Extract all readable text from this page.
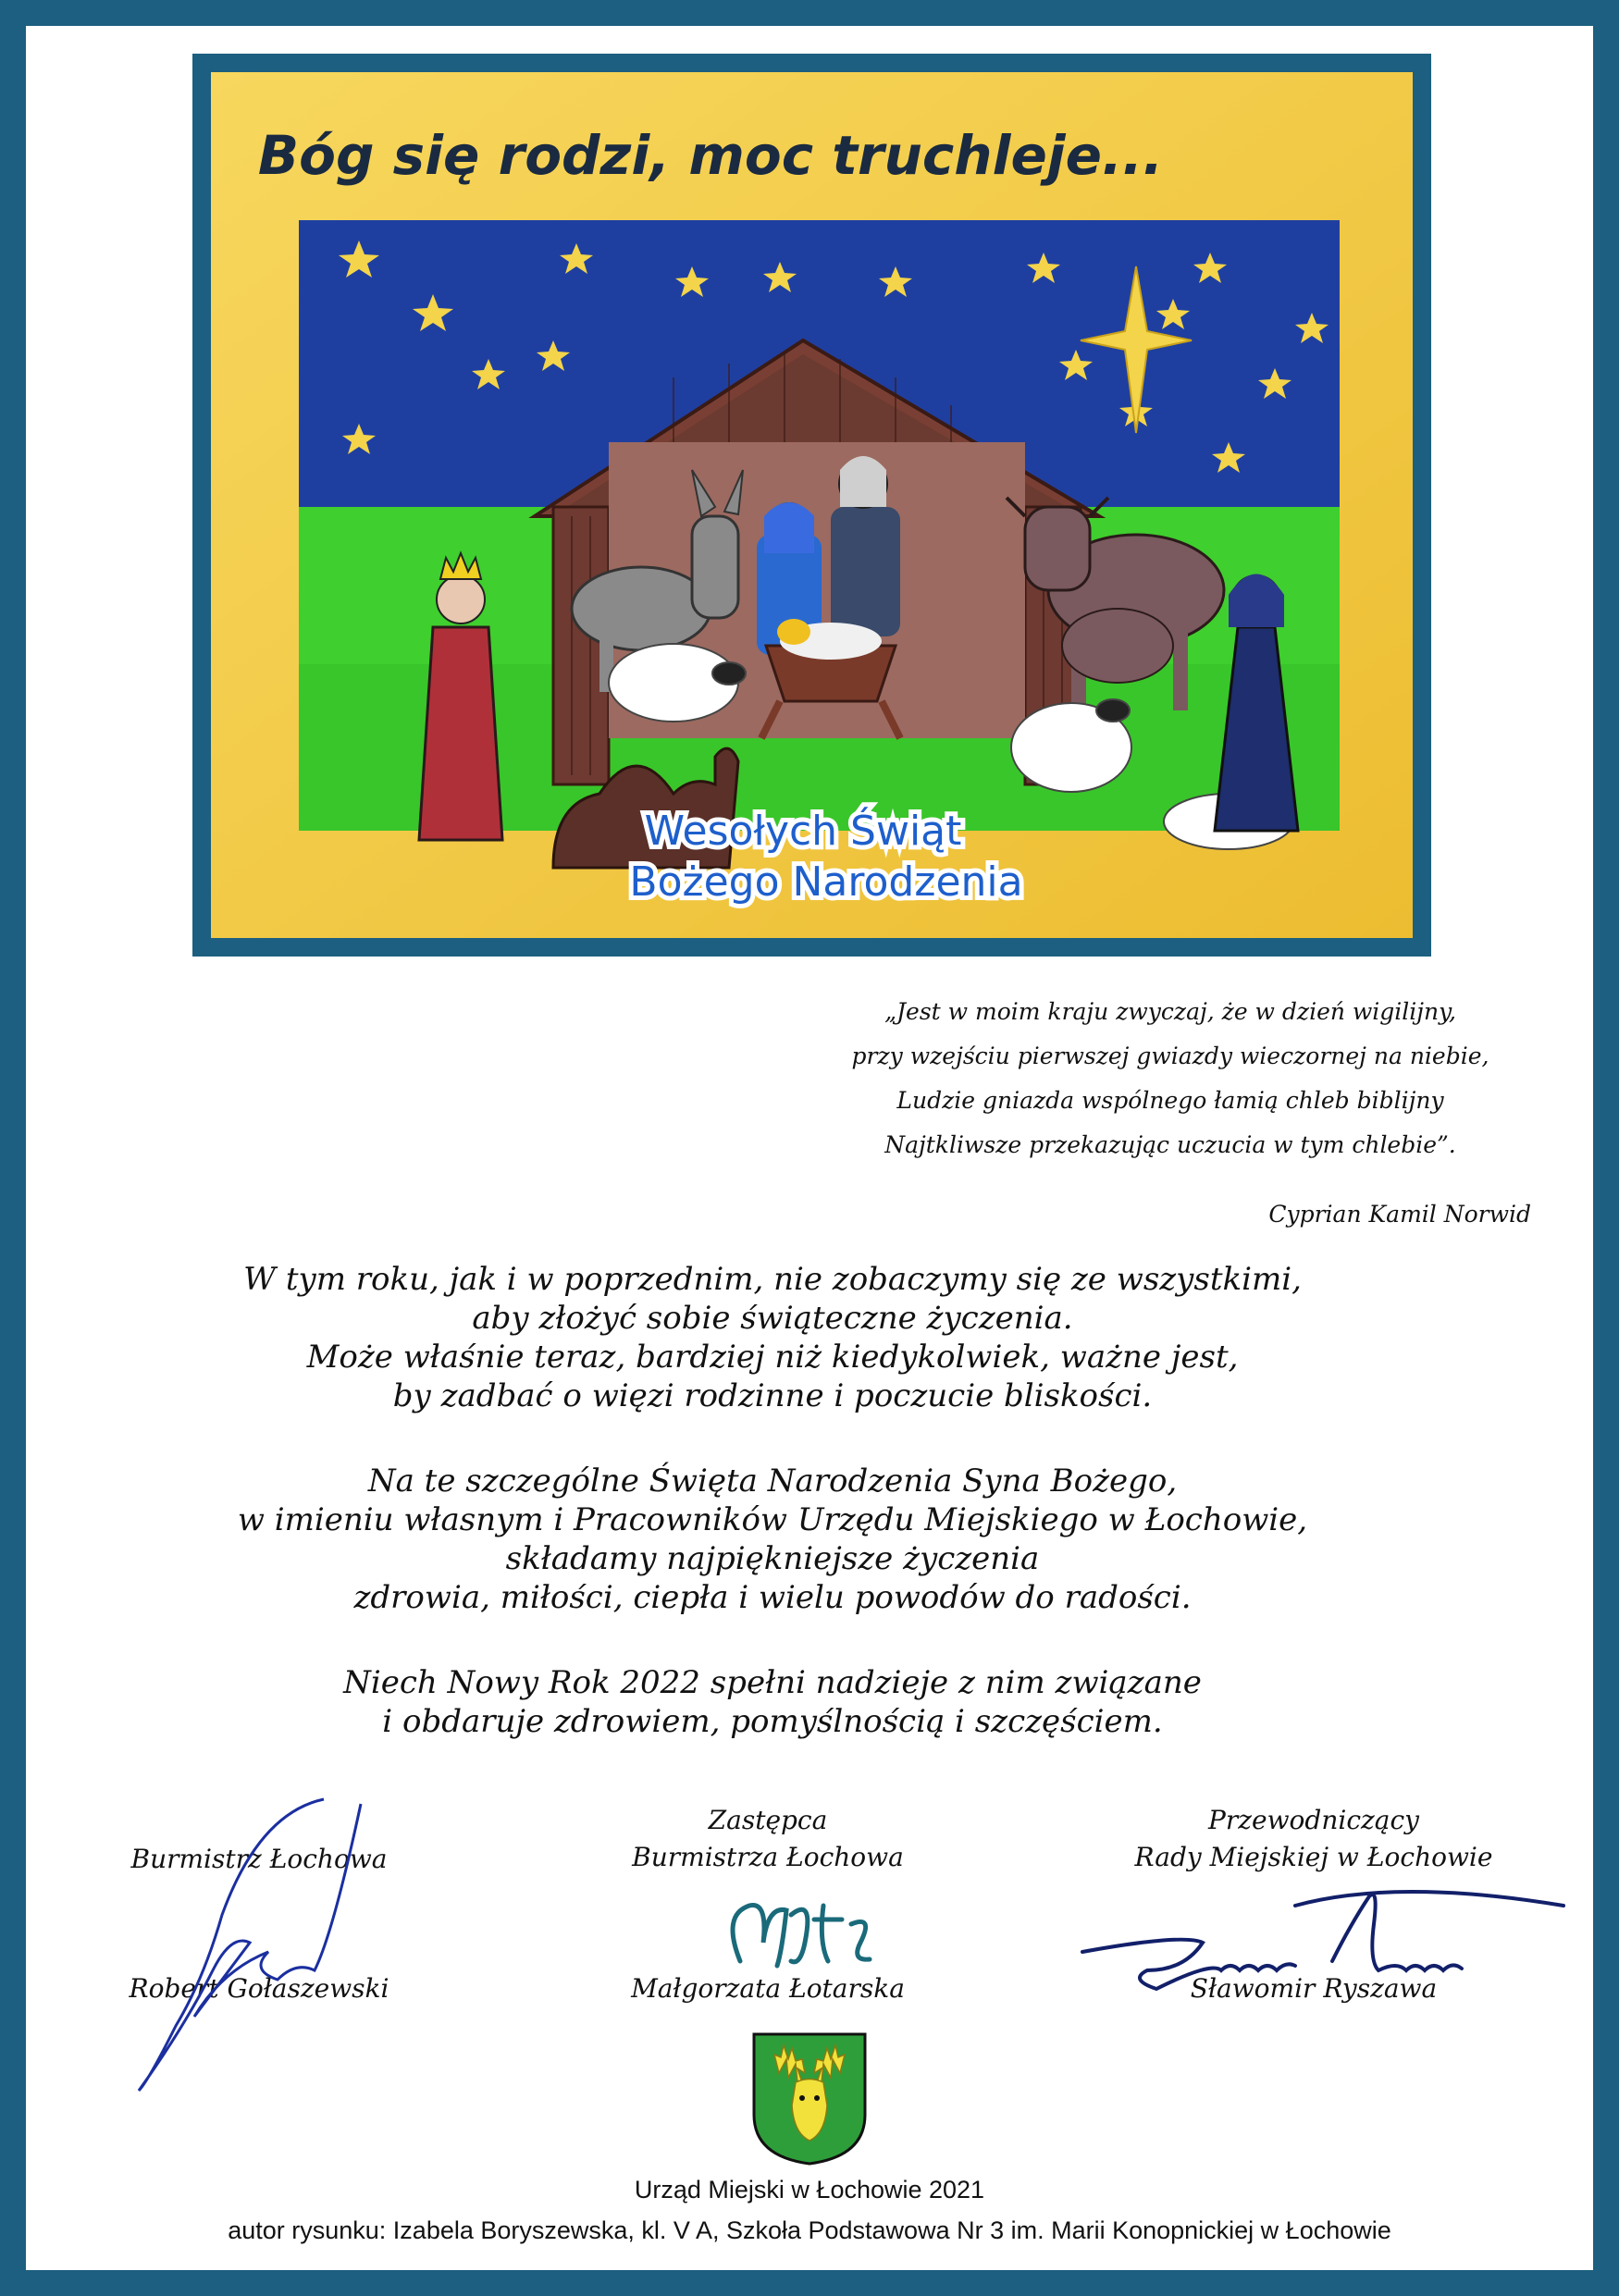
Bóg się rodzi, moc truchleje...
Wesołych Świąt
Bożego Narodzenia
„Jest w moim kraju zwyczaj, że w dzień wigilijny,
przy wzejściu pierwszej gwiazdy wieczornej na niebie,
Ludzie gniazda wspólnego łamią chleb biblijny
Najtkliwsze przekazując uczucia w tym chlebie”.
Cyprian Kamil Norwid

W tym roku, jak i w poprzednim, nie zobaczymy się ze wszystkimi,
aby złożyć sobie świąteczne życzenia.
Może właśnie teraz, bardziej niż kiedykolwiek, ważne jest,
by zadbać o więzi rodzinne i poczucie bliskości.

Na te szczególne Święta Narodzenia Syna Bożego,
w imieniu własnym i Pracowników Urzędu Miejskiego w Łochowie,
składamy najpiękniejsze życzenia
zdrowia, miłości, ciepła i wielu powodów do radości.

Niech Nowy Rok 2022 spełni nadzieje z nim związane
i obdaruje zdrowiem, pomyślnością i szczęściem.

Burmistrz Łochowa
Robert Gołaszewski
Zastępca
Burmistrza Łochowa
Małgorzata Łotarska
Przewodniczący
Rady Miejskiej w Łochowie
Sławomir Ryszawa
Urząd Miejski w Łochowie 2021
autor rysunku: Izabela Boryszewska, kl. V A, Szkoła Podstawowa Nr 3 im. Marii Konopnickiej w Łochowie
